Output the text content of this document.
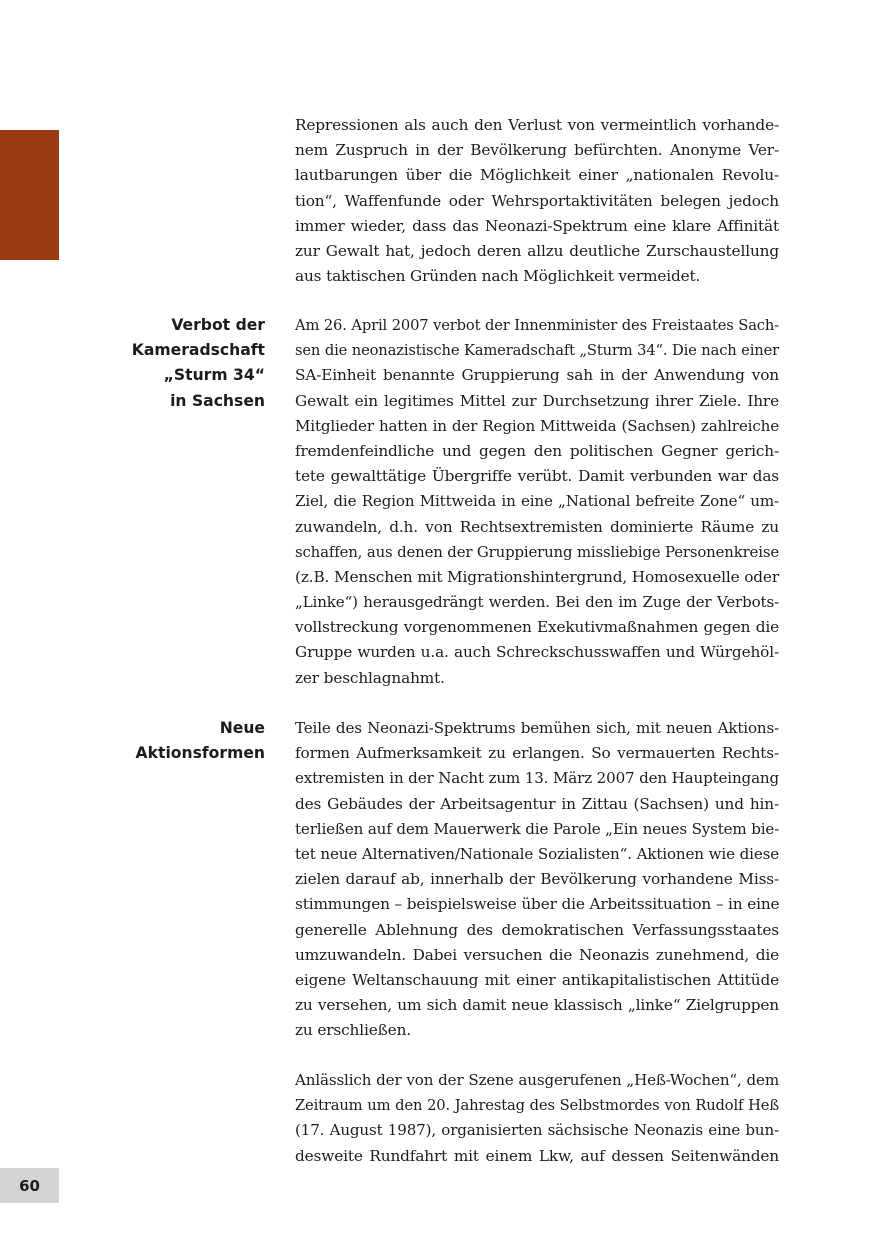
Repressionen als auch den Verlust von vermeintlich vorhande-
nem Zuspruch in der Bevölkerung befürchten. Anonyme Ver-
lautbarungen über die Möglichkeit einer „nationalen Revolu-
tion“, Waffenfunde oder Wehrsportaktivitäten belegen jedoch
immer wieder, dass das Neonazi-Spektrum eine klare Affinität
zur Gewalt hat, jedoch deren allzu deutliche Zurschaustellung
aus taktischen Gründen nach Möglichkeit vermeidet.
Verbot der
Kameradschaft
„Sturm 34“
in Sachsen
Am 26. April 2007 verbot der Innenminister des Freistaates Sach-
sen die neonazistische Kameradschaft „Sturm 34“. Die nach einer
SA-Einheit benannte Gruppierung sah in der Anwendung von
Gewalt ein legitimes Mittel zur Durchsetzung ihrer Ziele. Ihre
Mitglieder hatten in der Region Mittweida (Sachsen) zahlreiche
fremdenfeindliche und gegen den politischen Gegner gerich-
tete gewalttätige Übergriffe verübt. Damit verbunden war das
Ziel, die Region Mittweida in eine „National befreite Zone“ um-
zuwandeln, d.h. von Rechtsextremisten dominierte Räume zu
schaffen, aus denen der Gruppierung missliebige Personenkreise
(z.B. Menschen mit Migrationshintergrund, Homosexuelle oder
„Linke“) herausgedrängt werden. Bei den im Zuge der Verbots-
vollstreckung vorgenommenen Exekutivmaßnahmen gegen die
Gruppe wurden u.a. auch Schreckschusswaffen und Würgehöl-
zer beschlagnahmt.
Neue
Aktionsformen
Teile des Neonazi-Spektrums bemühen sich, mit neuen Aktions-
formen Aufmerksamkeit zu erlangen. So vermauerten Rechts-
extremisten in der Nacht zum 13. März 2007 den Haupteingang
des Gebäudes der Arbeitsagentur in Zittau (Sachsen) und hin-
terließen auf dem Mauerwerk die Parole „Ein neues System bie-
tet neue Alternativen/Nationale Sozialisten“. Aktionen wie diese
zielen darauf ab, innerhalb der Bevölkerung vorhandene Miss-
stimmungen – beispielsweise über die Arbeitssituation – in eine
generelle Ablehnung des demokratischen Verfassungsstaates
umzuwandeln. Dabei versuchen die Neonazis zunehmend, die
eigene Weltanschauung mit einer antikapitalistischen Attitüde
zu versehen, um sich damit neue klassisch „linke“ Zielgruppen
zu erschließen.
Anlässlich der von der Szene ausgerufenen „Heß-Wochen“, dem
Zeitraum um den 20. Jahrestag des Selbstmordes von Rudolf Heß
(17. August 1987), organisierten sächsische Neonazis eine bun-
desweite Rundfahrt mit einem Lkw, auf dessen Seitenwänden
60
